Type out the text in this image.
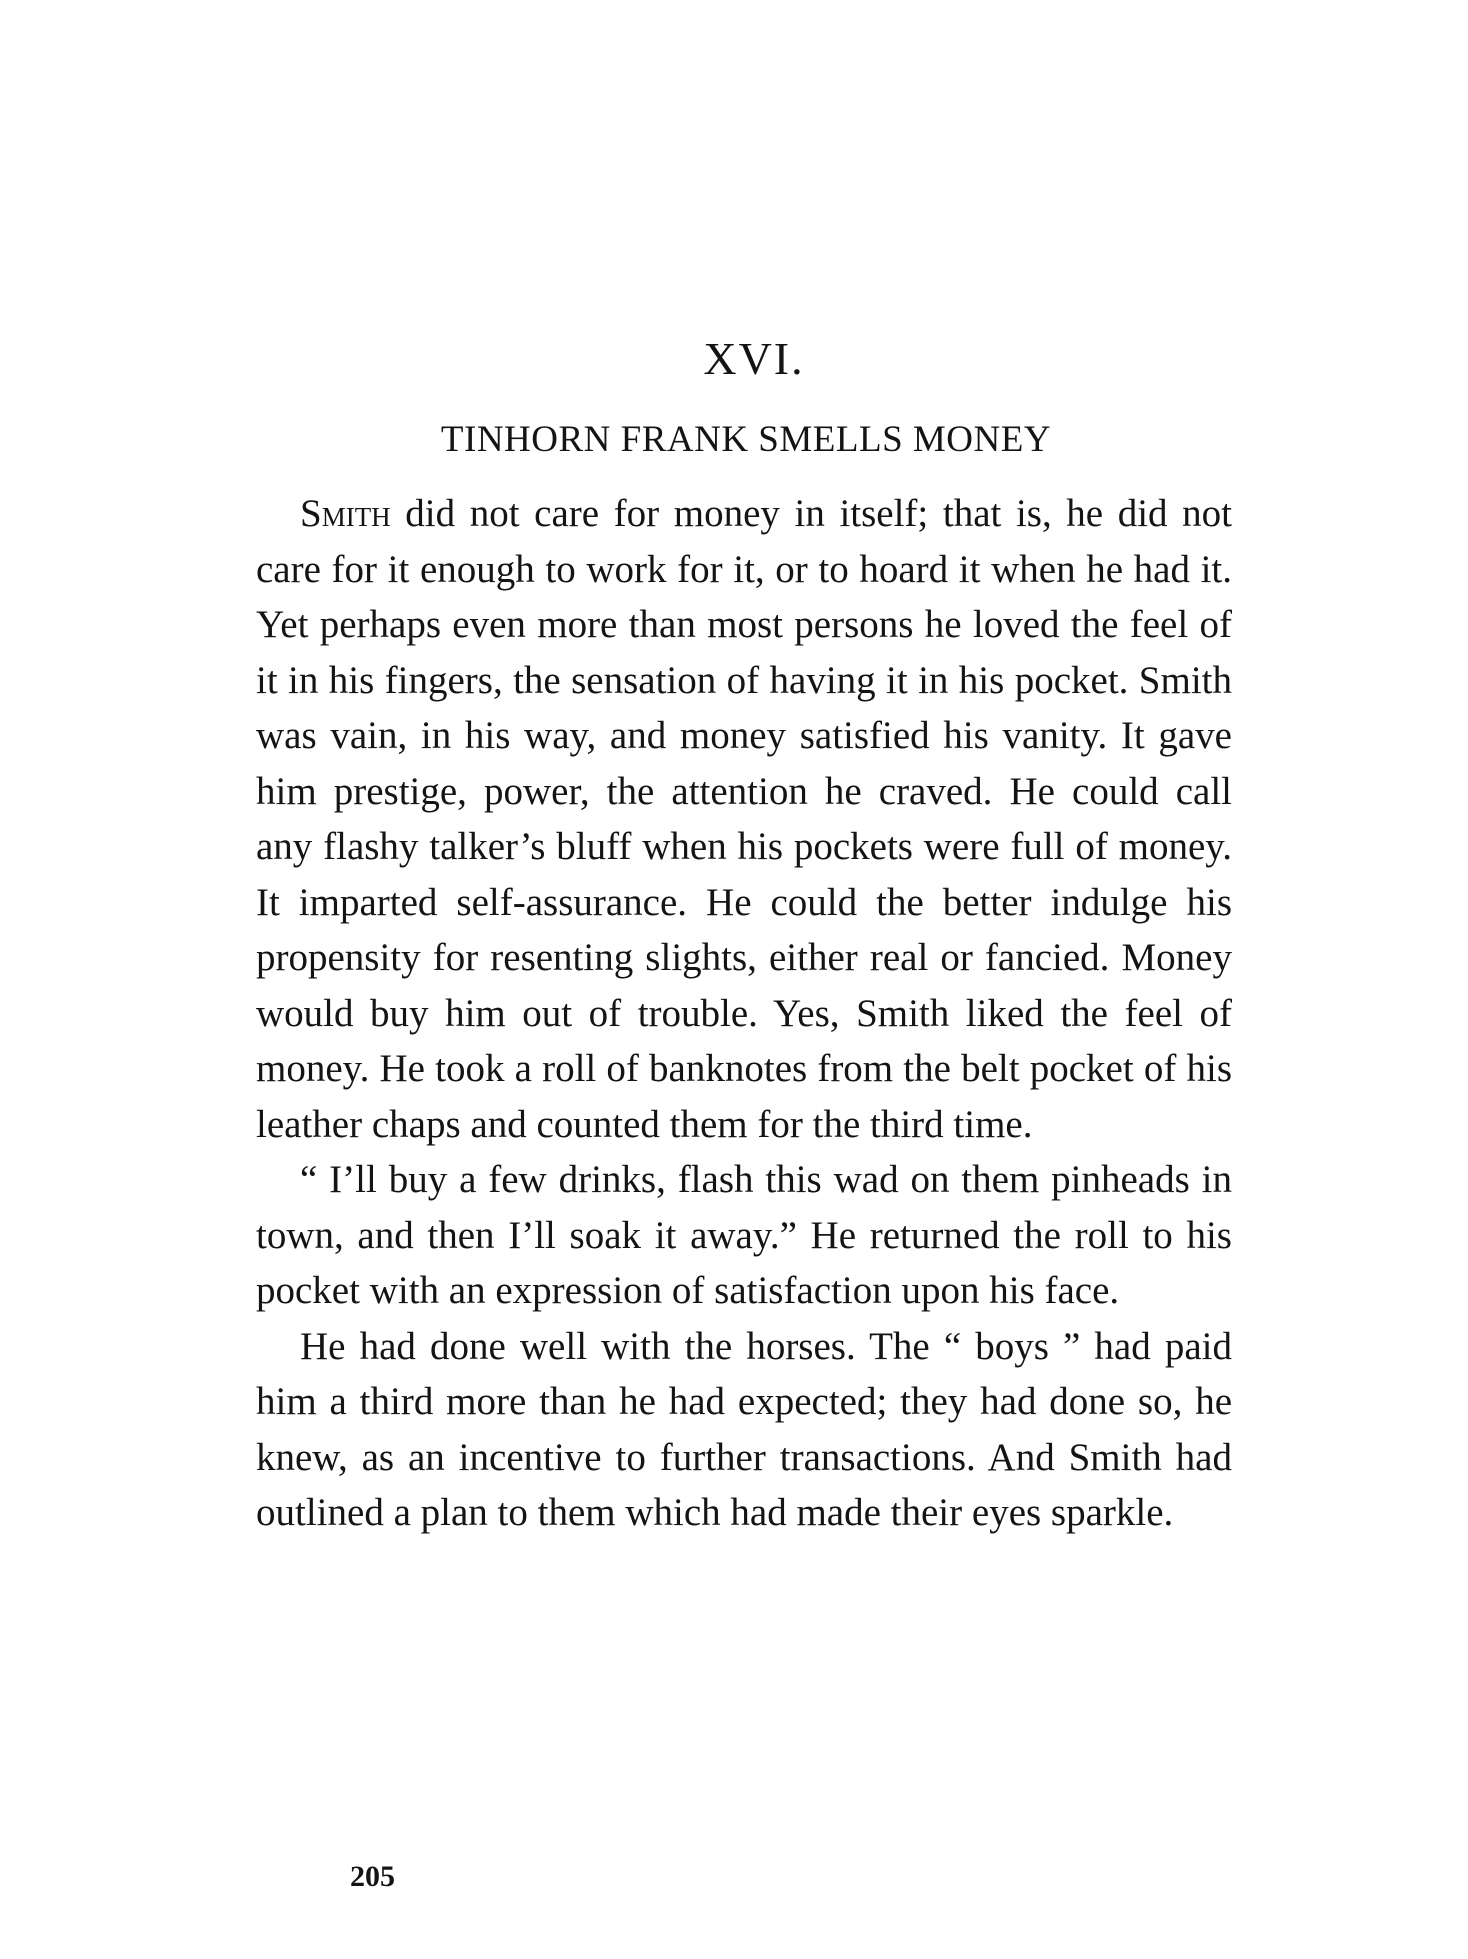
XVI.
TINHORN FRANK SMELLS MONEY

Smith did not care for money in itself; that is, he did not care for it enough to work for it, or to hoard it when he had it. Yet perhaps even more than most persons he loved the feel of it in his fingers, the sensation of having it in his pocket. Smith was vain, in his way, and money satisfied his vanity. It gave him prestige, power, the attention he craved. He could call any flashy talker’s bluff when his pockets were full of money. It imparted self-assurance. He could the better indulge his propensity for resenting slights, either real or fancied. Money would buy him out of trouble. Yes, Smith liked the feel of money. He took a roll of banknotes from the belt pocket of his leather chaps and counted them for the third time.

“ I’ll buy a few drinks, flash this wad on them pinheads in town, and then I’ll soak it away.” He returned the roll to his pocket with an expression of satisfaction upon his face.

He had done well with the horses. The “ boys ” had paid him a third more than he had expected; they had done so, he knew, as an incentive to further transactions. And Smith had outlined a plan to them which had made their eyes sparkle.

205
